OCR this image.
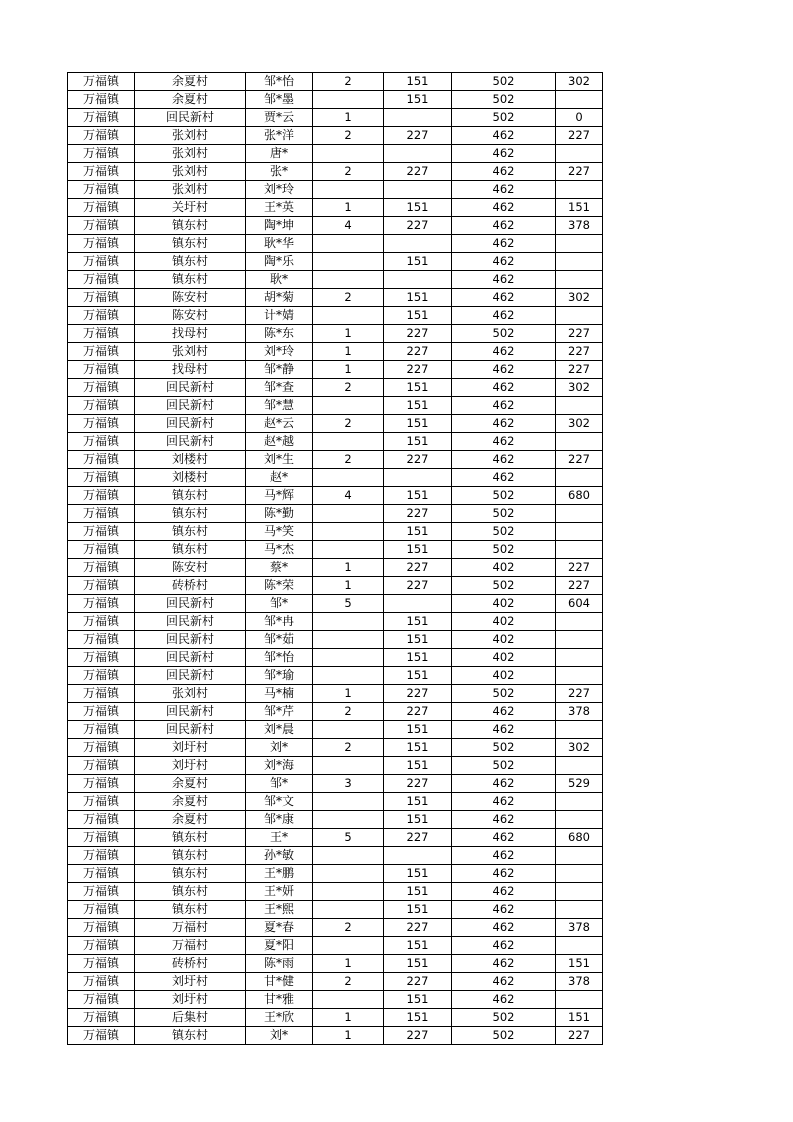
万福镇	余夏村	邹*怡	2	151	502	302
万福镇	余夏村	邹*墨		151	502	
万福镇	回民新村	贾*云	1		502	0
万福镇	张刘村	张*洋	2	227	462	227
万福镇	张刘村	唐*			462	
万福镇	张刘村	张*	2	227	462	227
万福镇	张刘村	刘*玲			462	
万福镇	关圩村	王*英	1	151	462	151
万福镇	镇东村	陶*坤	4	227	462	378
万福镇	镇东村	耿*华			462	
万福镇	镇东村	陶*乐		151	462	
万福镇	镇东村	耿*			462	
万福镇	陈安村	胡*菊	2	151	462	302
万福镇	陈安村	计*婧		151	462	
万福镇	找母村	陈*东	1	227	502	227
万福镇	张刘村	刘*玲	1	227	462	227
万福镇	找母村	邹*静	1	227	462	227
万福镇	回民新村	邹*查	2	151	462	302
万福镇	回民新村	邹*慧		151	462	
万福镇	回民新村	赵*云	2	151	462	302
万福镇	回民新村	赵*越		151	462	
万福镇	刘楼村	刘*生	2	227	462	227
万福镇	刘楼村	赵*			462	
万福镇	镇东村	马*辉	4	151	502	680
万福镇	镇东村	陈*勤		227	502	
万福镇	镇东村	马*笑		151	502	
万福镇	镇东村	马*杰		151	502	
万福镇	陈安村	蔡*	1	227	402	227
万福镇	砖桥村	陈*荣	1	227	502	227
万福镇	回民新村	邹*	5		402	604
万福镇	回民新村	邹*冉		151	402	
万福镇	回民新村	邹*茹		151	402	
万福镇	回民新村	邹*怡		151	402	
万福镇	回民新村	邹*瑜		151	402	
万福镇	张刘村	马*楠	1	227	502	227
万福镇	回民新村	邹*芹	2	227	462	378
万福镇	回民新村	刘*晨		151	462	
万福镇	刘圩村	刘*	2	151	502	302
万福镇	刘圩村	刘*海		151	502	
万福镇	余夏村	邹*	3	227	462	529
万福镇	余夏村	邹*文		151	462	
万福镇	余夏村	邹*康		151	462	
万福镇	镇东村	王*	5	227	462	680
万福镇	镇东村	孙*敏			462	
万福镇	镇东村	王*鹏		151	462	
万福镇	镇东村	王*妍		151	462	
万福镇	镇东村	王*熙		151	462	
万福镇	万福村	夏*春	2	227	462	378
万福镇	万福村	夏*阳		151	462	
万福镇	砖桥村	陈*雨	1	151	462	151
万福镇	刘圩村	甘*健	2	227	462	378
万福镇	刘圩村	甘*雅		151	462	
万福镇	后集村	王*欣	1	151	502	151
万福镇	镇东村	刘*	1	227	502	227
